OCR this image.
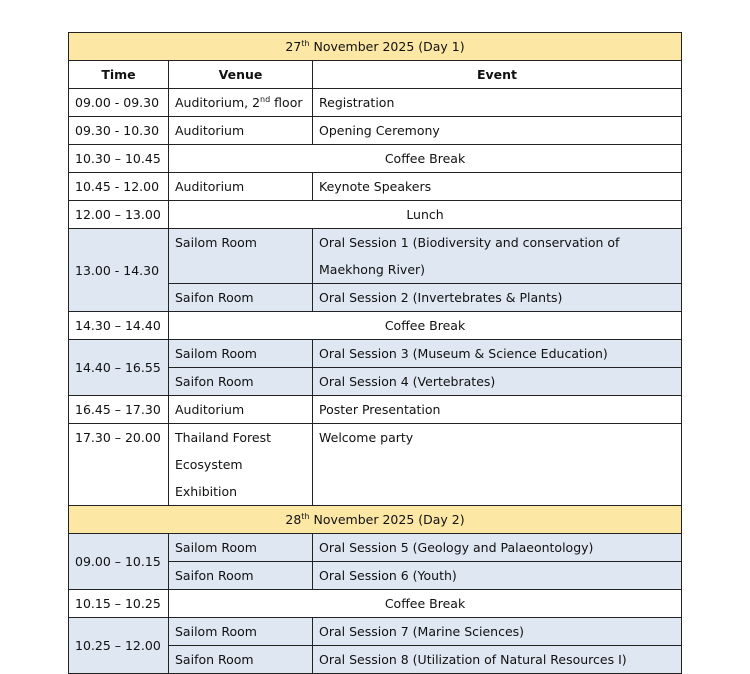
27th November 2025 (Day 1)		
Time	Venue	Event
09.00 - 09.30	Auditorium, 2nd floor	Registration
09.30 - 10.30	Auditorium	Opening Ceremony
10.30 – 10.45	Coffee Break	
10.45 - 12.00	Auditorium	Keynote Speakers
12.00 – 13.00	Lunch	
13.00 - 14.30	Sailom Room	Oral Session 1 (Biodiversity and conservation of Maekhong River)
	Saifon Room	Oral Session 2 (Invertebrates & Plants)
14.30 – 14.40	Coffee Break	
14.40 – 16.55	Sailom Room	Oral Session 3 (Museum & Science Education)
	Saifon Room	Oral Session 4 (Vertebrates)
16.45 – 17.30	Auditorium	Poster Presentation
17.30 – 20.00	Thailand Forest Ecosystem Exhibition	Welcome party
28th November 2025 (Day 2)		
09.00 – 10.15	Sailom Room	Oral Session 5 (Geology and Palaeontology)
	Saifon Room	Oral Session 6 (Youth)
10.15 – 10.25	Coffee Break	
10.25 – 12.00	Sailom Room	Oral Session 7 (Marine Sciences)
	Saifon Room	Oral Session 8 (Utilization of Natural Resources I)
